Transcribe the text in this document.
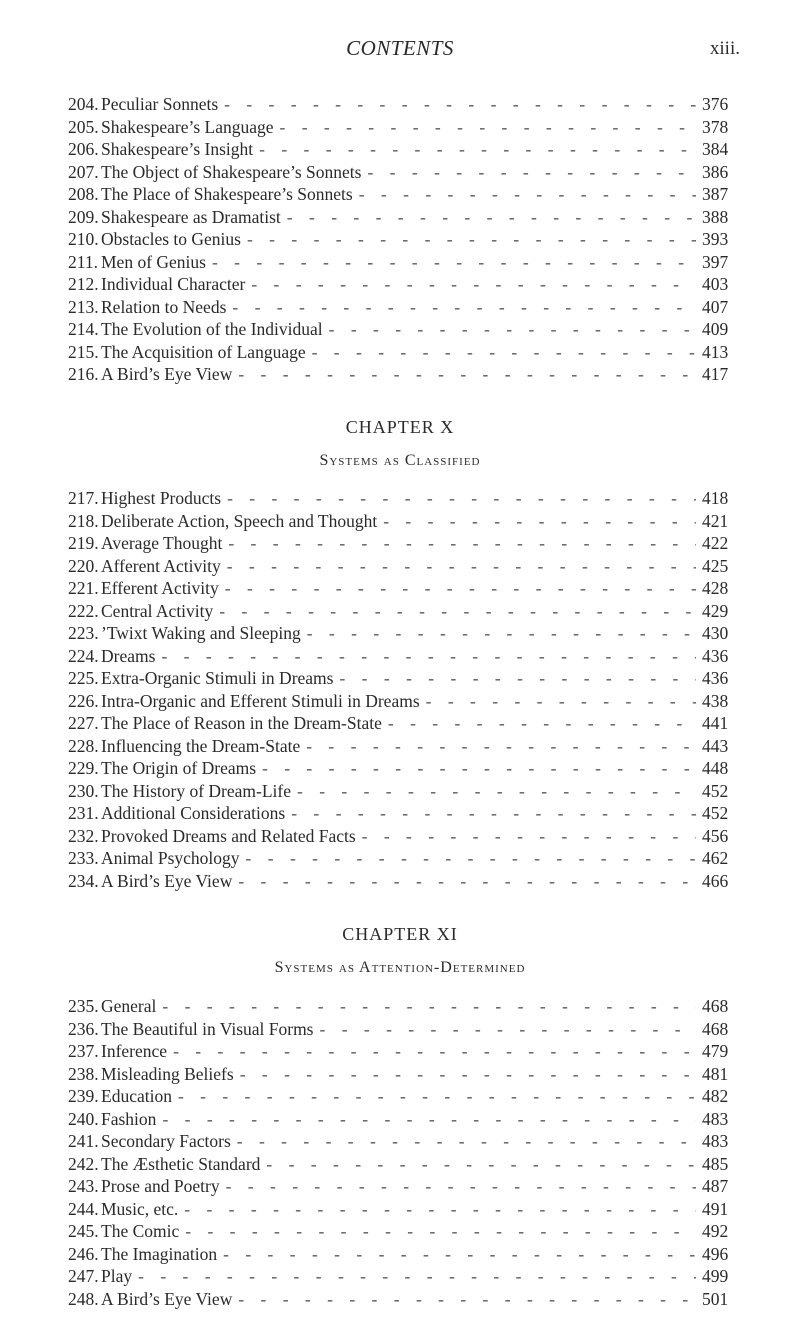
CONTENTS	xiii.
204. Peculiar Sonnets - - -	376
205. Shakespeare’s Language - - -	378
206. Shakespeare’s Insight - - -	384
207. The Object of Shakespeare’s Sonnets - - -	386
208. The Place of Shakespeare’s Sonnets - - -	387
209. Shakespeare as Dramatist - - -	388
210. Obstacles to Genius - - -	393
211. Men of Genius - - -	397
212. Individual Character - - -	403
213. Relation to Needs - - -	407
214. The Evolution of the Individual - - -	409
215. The Acquisition of Language - - -	413
216. A Bird’s Eye View - - -	417
CHAPTER X
Systems as Classified
217. Highest Products - - -	418
218. Deliberate Action, Speech and Thought - - -	421
219. Average Thought - - -	422
220. Afferent Activity - - -	425
221. Efferent Activity - - -	428
222. Central Activity - - -	429
223. ’Twixt Waking and Sleeping - - -	430
224. Dreams - - -	436
225. Extra-Organic Stimuli in Dreams - - -	436
226. Intra-Organic and Efferent Stimuli in Dreams - - -	438
227. The Place of Reason in the Dream-State - - -	441
228. Influencing the Dream-State - - -	443
229. The Origin of Dreams - - -	448
230. The History of Dream-Life - - -	452
231. Additional Considerations - - -	452
232. Provoked Dreams and Related Facts - - -	456
233. Animal Psychology - - -	462
234. A Bird’s Eye View - - -	466
CHAPTER XI
Systems as Attention-Determined
235. General - - -	468
236. The Beautiful in Visual Forms - - -	468
237. Inference - - -	479
238. Misleading Beliefs - - -	481
239. Education - - -	482
240. Fashion - - -	483
241. Secondary Factors - - -	483
242. The Æsthetic Standard - - -	485
243. Prose and Poetry - - -	487
244. Music, etc. - - -	491
245. The Comic - - -	492
246. The Imagination - - -	496
247. Play - - -	499
248. A Bird’s Eye View - - -	501
